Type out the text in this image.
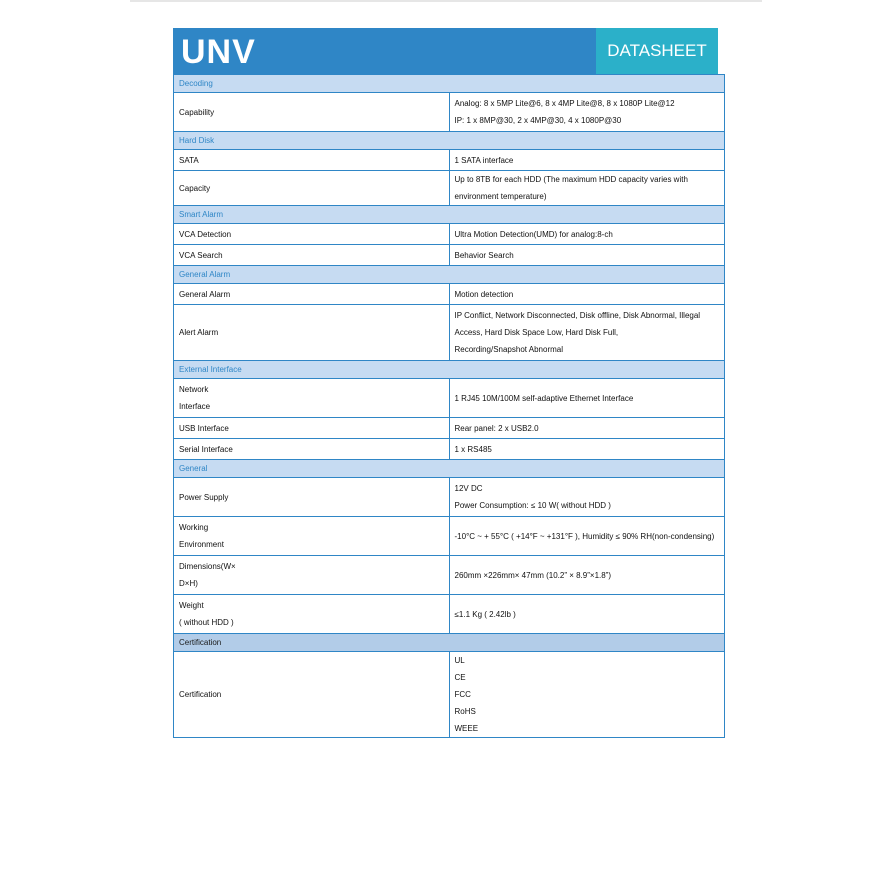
UNV	DATASHEET
Decoding	

Capability	Analog: 8 x 5MP Lite@6, 8 x 4MP Lite@8, 8 x 1080P Lite@12
IP: 1 x 8MP@30, 2 x 4MP@30, 4 x 1080P@30

Hard Disk	

SATA	1 SATA interface

Capacity	Up to 8TB for each HDD (The maximum HDD capacity varies with environment temperature)

Smart Alarm	

VCA Detection	Ultra Motion Detection(UMD) for analog:8-ch

VCA Search	Behavior Search

General Alarm	

General Alarm	Motion detection

Alert Alarm	IP Conflict, Network Disconnected, Disk offline, Disk Abnormal, Illegal Access, Hard Disk Space Low, Hard Disk Full,
Recording/Snapshot Abnormal

External Interface	

Network
Interface	1 RJ45 10M/100M self-adaptive Ethernet Interface

USB Interface	Rear panel: 2 x USB2.0

Serial Interface	1 x RS485

General	

Power Supply	12V DC
Power Consumption: ≤ 10 W( without HDD )

Working
Environment	-10°C ~ + 55°C ( +14°F ~ +131°F ), Humidity ≤ 90% RH(non-condensing)

Dimensions(W×
D×H)	260mm ×226mm× 47mm (10.2” × 8.9”×1.8”)

Weight
( without HDD )	≤1.1 Kg ( 2.42lb )

Certification	

Certification	UL
CE
FCC
RoHS
WEEE
